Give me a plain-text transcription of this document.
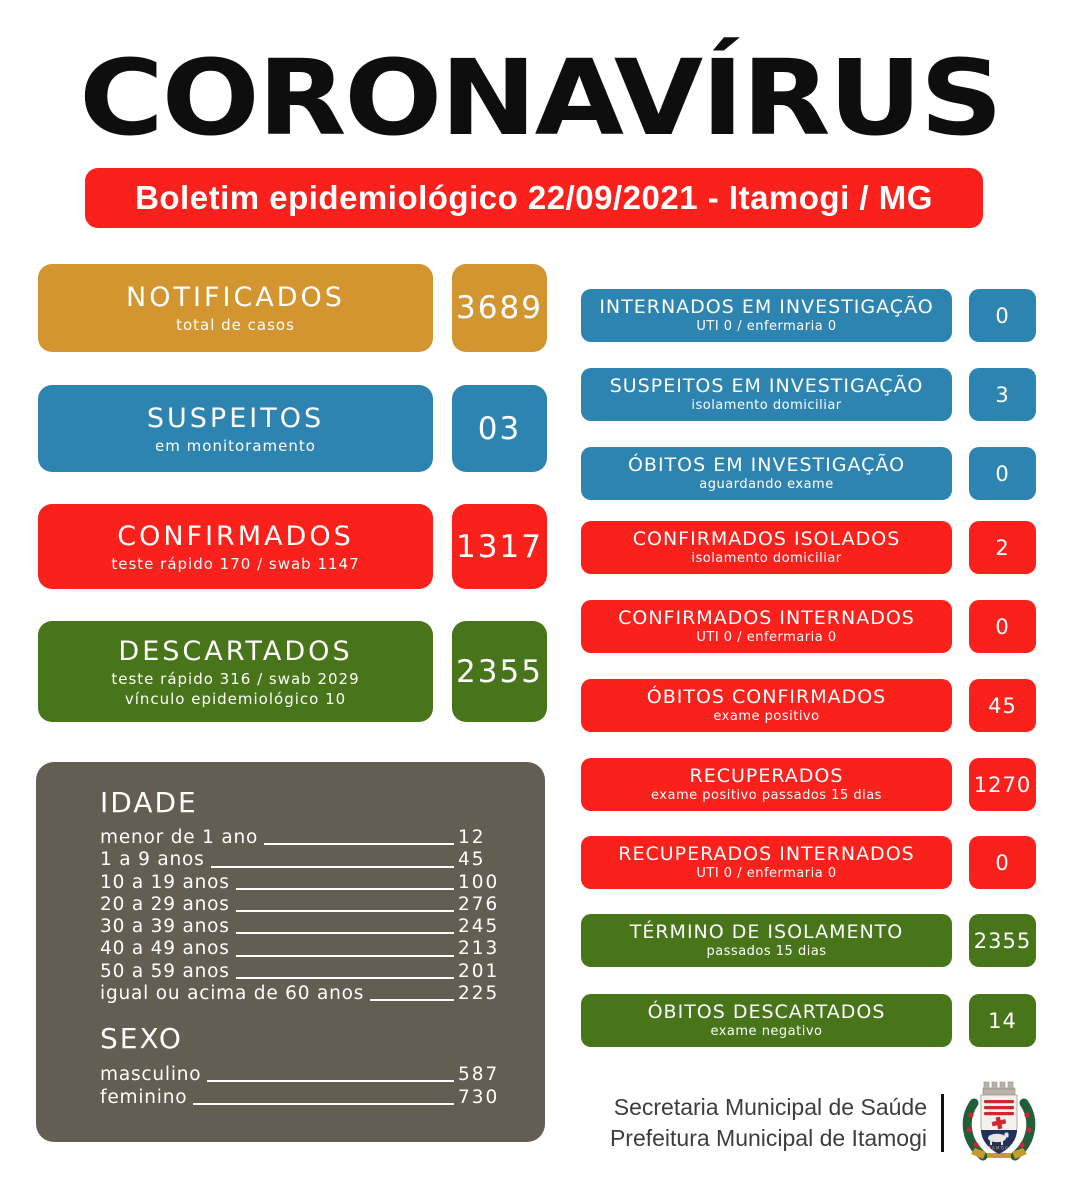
CORONAVÍRUS
Boletim epidemiológico 22/09/2021 - Itamogi / MG
NOTIFICADOS
total de casos	3689
SUSPEITOS
em monitoramento	03
CONFIRMADOS
teste rápido 170 / swab 1147	1317
DESCARTADOS
teste rápido 316 / swab 2029
vínculo epidemiológico 10
2355
INTERNADOS EM INVESTIGAÇÃO
UTI 0 / enfermaria 0	0
SUSPEITOS EM INVESTIGAÇÃO
isolamento domiciliar	3
ÓBITOS EM INVESTIGAÇÃO
aguardando exame	0
CONFIRMADOS ISOLADOS
isolamento domiciliar	2
CONFIRMADOS INTERNADOS
UTI 0 / enfermaria 0	0
ÓBITOS CONFIRMADOS
exame positivo	45
RECUPERADOS
exame positivo passados 15 dias	1270
RECUPERADOS INTERNADOS
UTI 0 / enfermaria 0	0
TÉRMINO DE ISOLAMENTO
passados 15 dias	2355
ÓBITOS DESCARTADOS
exame negativo	14
IDADE
menor de 1 ano	12
1 a 9 anos	45
10 a 19 anos	100
20 a 29 anos	276
30 a 39 anos	245
40 a 49 anos	213
50 a 59 anos	201
igual ou acima de 60 anos	225
SEXO
masculino	587
feminino	730	Secretaria Municipal de Saúde
Prefeitura Municipal de Itamogi	ITAMOGI
